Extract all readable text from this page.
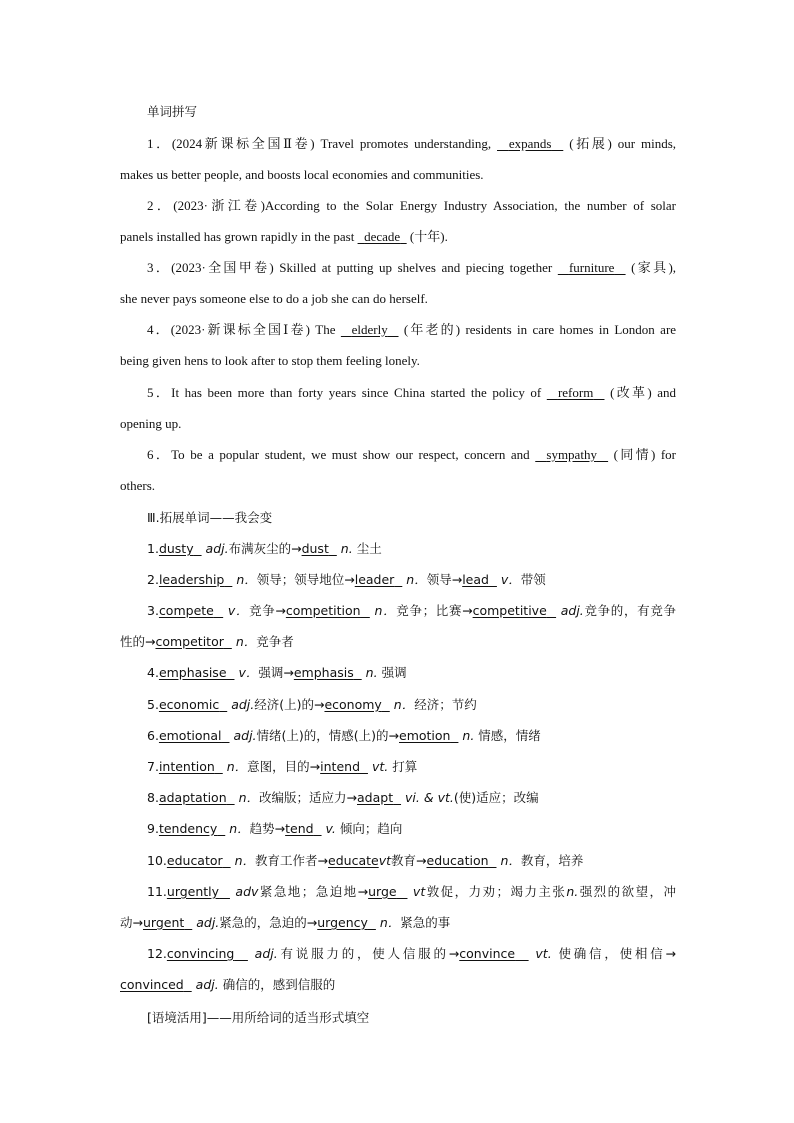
单词拼写
1．(2024新课标全国Ⅱ卷) Travel promotes understanding, expands (拓展) our minds,
makes us better people, and boosts local economies and communities.
2．(2023·浙江卷)According to the Solar Energy Industry Association, the number of solar
panels installed has grown rapidly in the past decade (十年).
3．(2023·全国甲卷) Skilled at putting up shelves and piecing together furniture (家具),
she never pays someone else to do a job she can do herself.
4．(2023·新课标全国Ⅰ卷) The elderly (年老的) residents in care homes in London are
being given hens to look after to stop them feeling lonely.
5．It has been more than forty years since China started the policy of reform (改革) and
opening up.
6．To be a popular student, we must show our respect, concern and sympathy (同情) for
others.
Ⅲ.拓展单词——我会变
1.dusty adj.布满灰尘的→dust n. 尘土
2.leadership n．领导；领导地位→leader n．领导→lead v．带领
3.compete v．竞争→competition n．竞争；比赛→competitive adj.竞争的，有竞争
性的→competitor n．竞争者
4.emphasise v．强调→emphasis n. 强调
5.economic adj.经济(上)的→economy n．经济；节约
6.emotional adj.情绪(上)的，情感(上)的→emotion n. 情感，情绪
7.intention n．意图，目的→intend vt. 打算
8.adaptation n．改编版；适应力→adapt vi. & vt.(使)适应；改编
9.tendency n．趋势→tend v. 倾向；趋向
10.educator n．教育工作者→educatevt教育→education n．教育，培养
11.urgently adv紧急地；急迫地→urge vt敦促，力劝；竭力主张n.强烈的欲望，冲
动→urgent adj.紧急的，急迫的→urgency n．紧急的事
12.convincing adj.有说服力的，使人信服的→convince vt. 使确信，使相信→
convinced adj. 确信的，感到信服的
[语境活用]——用所给词的适当形式填空
